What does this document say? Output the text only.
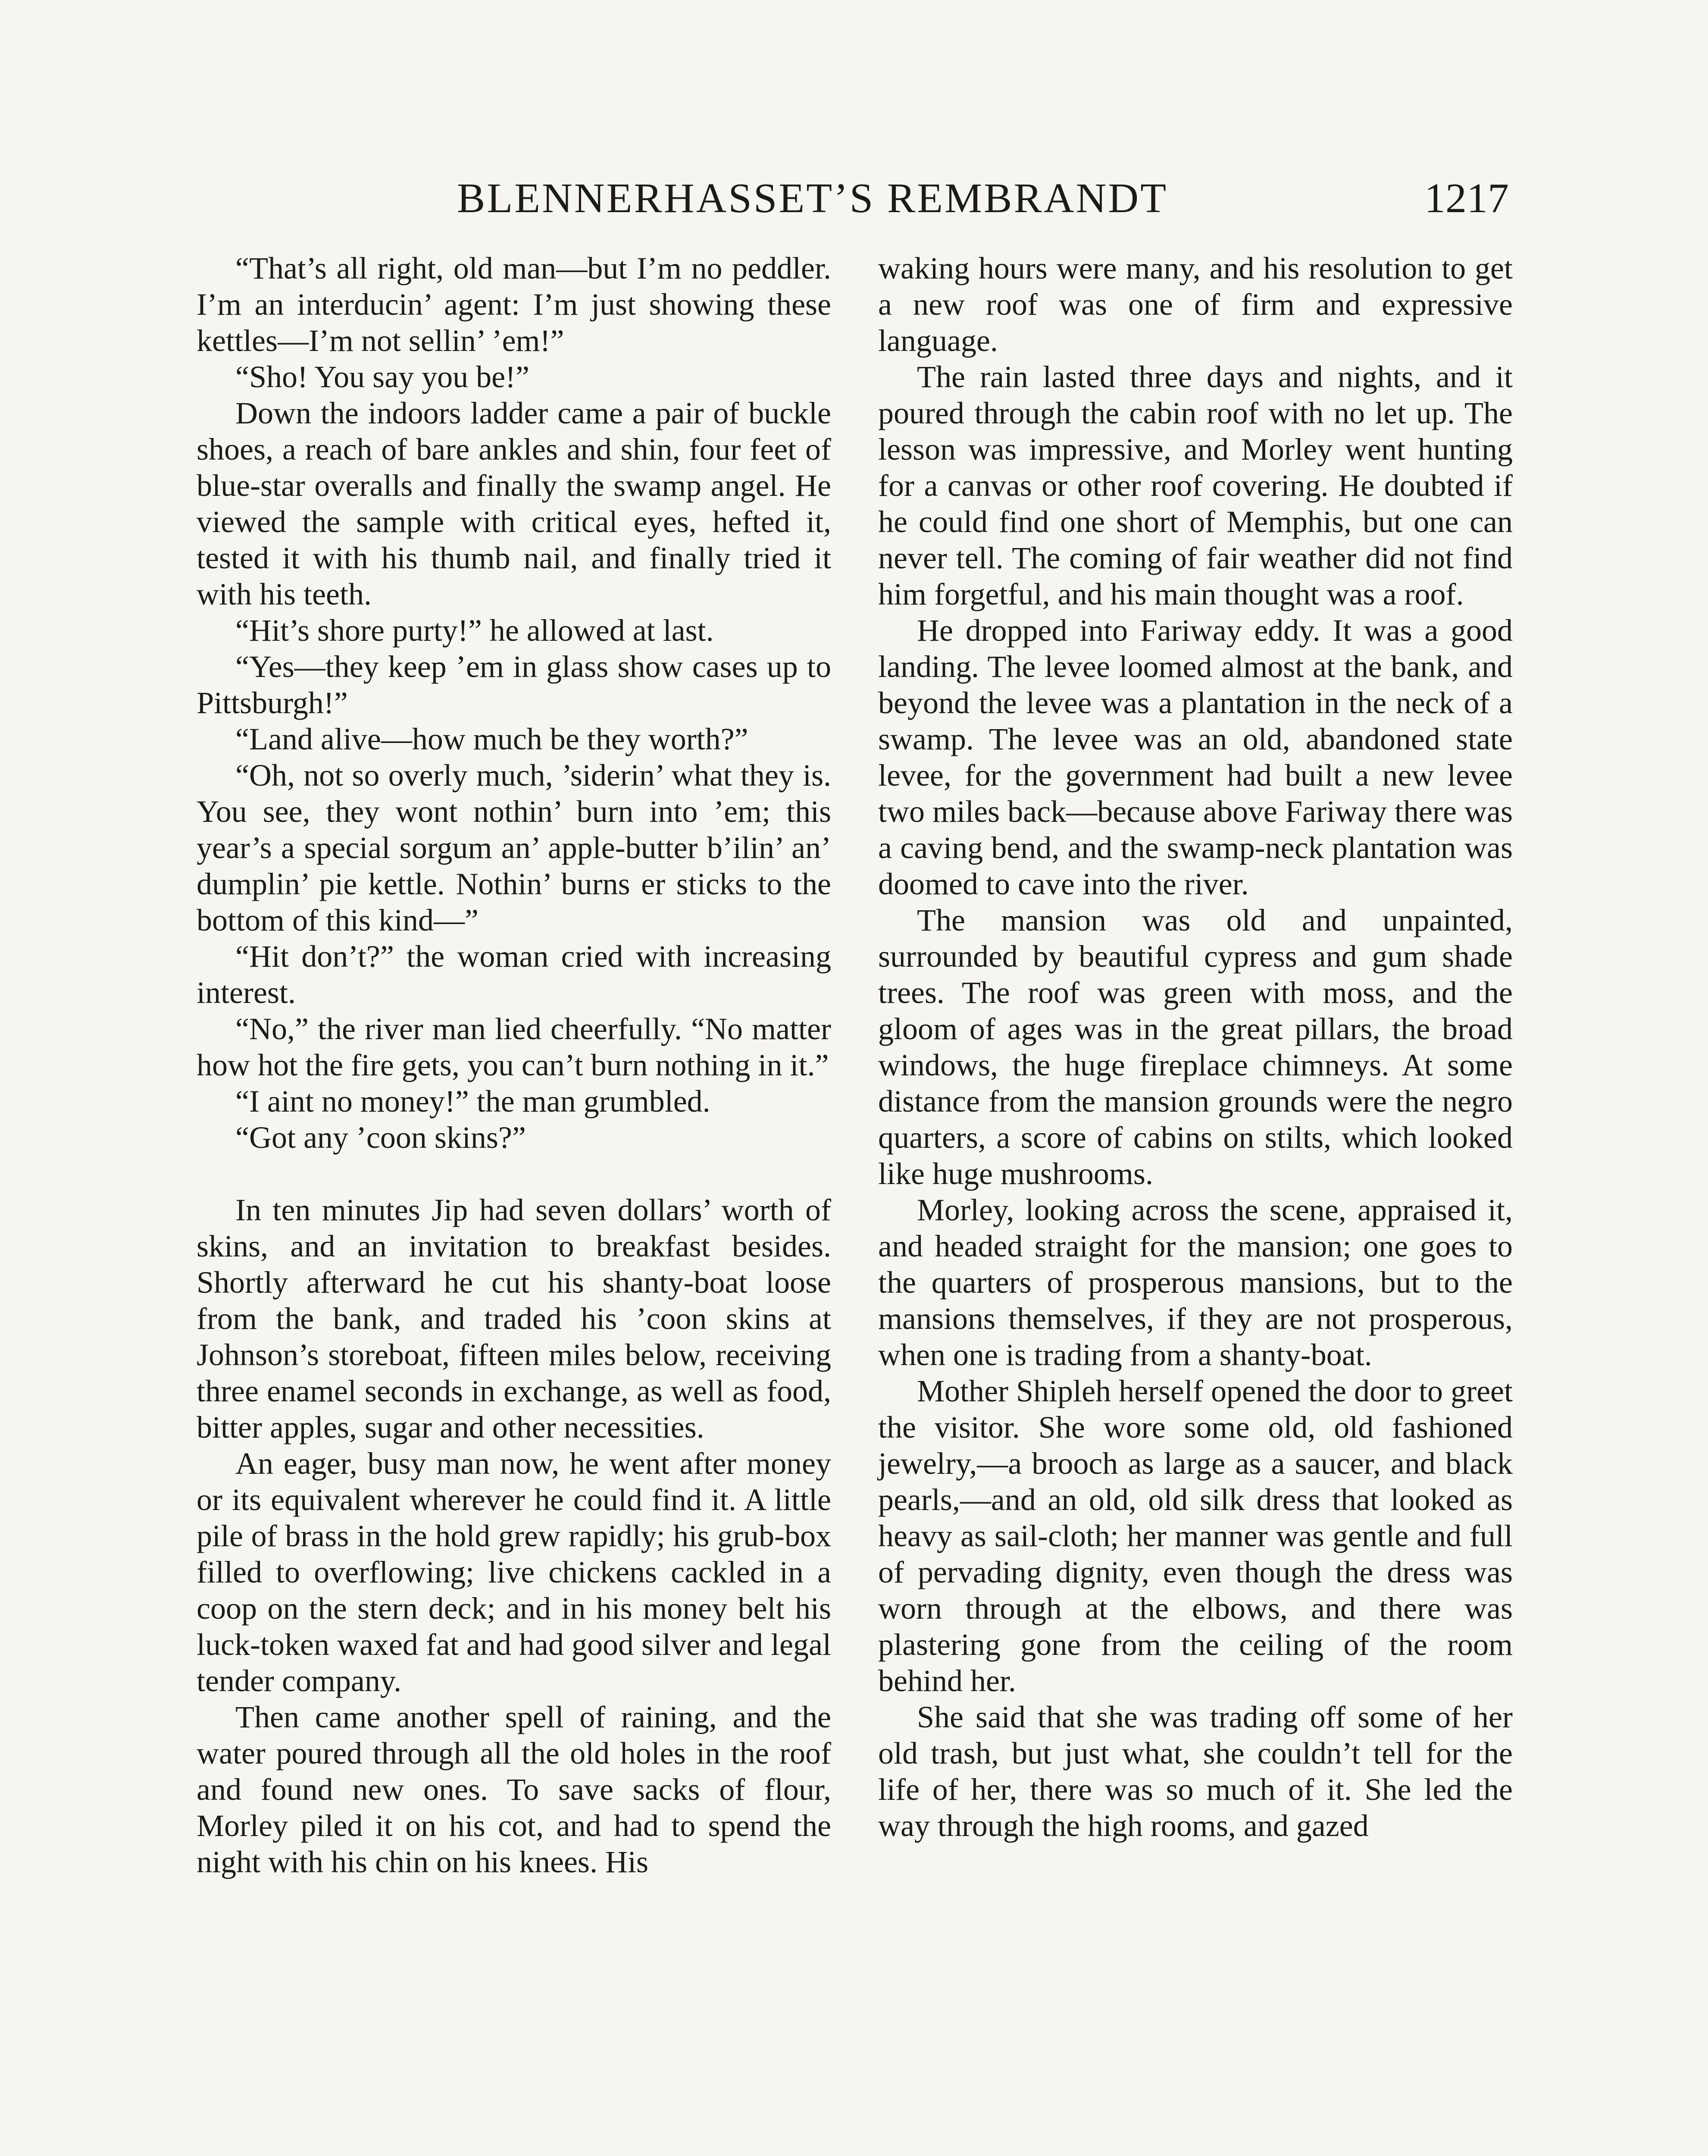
BLENNERHASSET’S REMBRANDT	1217

“That’s all right, old man—but I’m no peddler. I’m an interducin’ agent: I’m just showing these kettles—I’m not sellin’ ’em!”

“Sho! You say you be!”

Down the indoors ladder came a pair of buckle shoes, a reach of bare ankles and shin, four feet of blue-star overalls and finally the swamp angel. He viewed the sample with critical eyes, hefted it, tested it with his thumb nail, and finally tried it with his teeth.

“Hit’s shore purty!” he allowed at last.

“Yes—they keep ’em in glass show cases up to Pittsburgh!”

“Land alive—how much be they worth?”

“Oh, not so overly much, ’siderin’ what they is. You see, they wont nothin’ burn into ’em; this year’s a special sorgum an’ apple-butter b’ilin’ an’ dumplin’ pie kettle. Nothin’ burns er sticks to the bottom of this kind—”

“Hit don’t?” the woman cried with increasing interest.

“No,” the river man lied cheerfully. “No matter how hot the fire gets, you can’t burn nothing in it.”

“I aint no money!” the man grumbled.

“Got any ’coon skins?”

In ten minutes Jip had seven dollars’ worth of skins, and an invitation to breakfast besides. Shortly afterward he cut his shanty-boat loose from the bank, and traded his ’coon skins at Johnson’s storeboat, fifteen miles below, receiving three enamel seconds in exchange, as well as food, bitter apples, sugar and other necessities.

An eager, busy man now, he went after money or its equivalent wherever he could find it. A little pile of brass in the hold grew rapidly; his grub-box filled to overflowing; live chickens cackled in a coop on the stern deck; and in his money belt his luck-token waxed fat and had good silver and legal tender company.

Then came another spell of raining, and the water poured through all the old holes in the roof and found new ones. To save sacks of flour, Morley piled it on his cot, and had to spend the night with his chin on his knees. His

waking hours were many, and his resolution to get a new roof was one of firm and expressive language.

The rain lasted three days and nights, and it poured through the cabin roof with no let up. The lesson was impressive, and Morley went hunting for a canvas or other roof covering. He doubted if he could find one short of Memphis, but one can never tell. The coming of fair weather did not find him forgetful, and his main thought was a roof.

He dropped into Fariway eddy. It was a good landing. The levee loomed almost at the bank, and beyond the levee was a plantation in the neck of a swamp. The levee was an old, abandoned state levee, for the government had built a new levee two miles back—because above Fariway there was a caving bend, and the swamp-neck plantation was doomed to cave into the river.

The mansion was old and unpainted, surrounded by beautiful cypress and gum shade trees. The roof was green with moss, and the gloom of ages was in the great pillars, the broad windows, the huge fireplace chimneys. At some distance from the mansion grounds were the negro quarters, a score of cabins on stilts, which looked like huge mushrooms.

Morley, looking across the scene, appraised it, and headed straight for the mansion; one goes to the quarters of prosperous mansions, but to the mansions themselves, if they are not prosperous, when one is trading from a shanty-boat.

Mother Shipleh herself opened the door to greet the visitor. She wore some old, old fashioned jewelry,—a brooch as large as a saucer, and black pearls,—and an old, old silk dress that looked as heavy as sail-cloth; her manner was gentle and full of pervading dignity, even though the dress was worn through at the elbows, and there was plastering gone from the ceiling of the room behind her.

She said that she was trading off some of her old trash, but just what, she couldn’t tell for the life of her, there was so much of it. She led the way through the high rooms, and gazed
